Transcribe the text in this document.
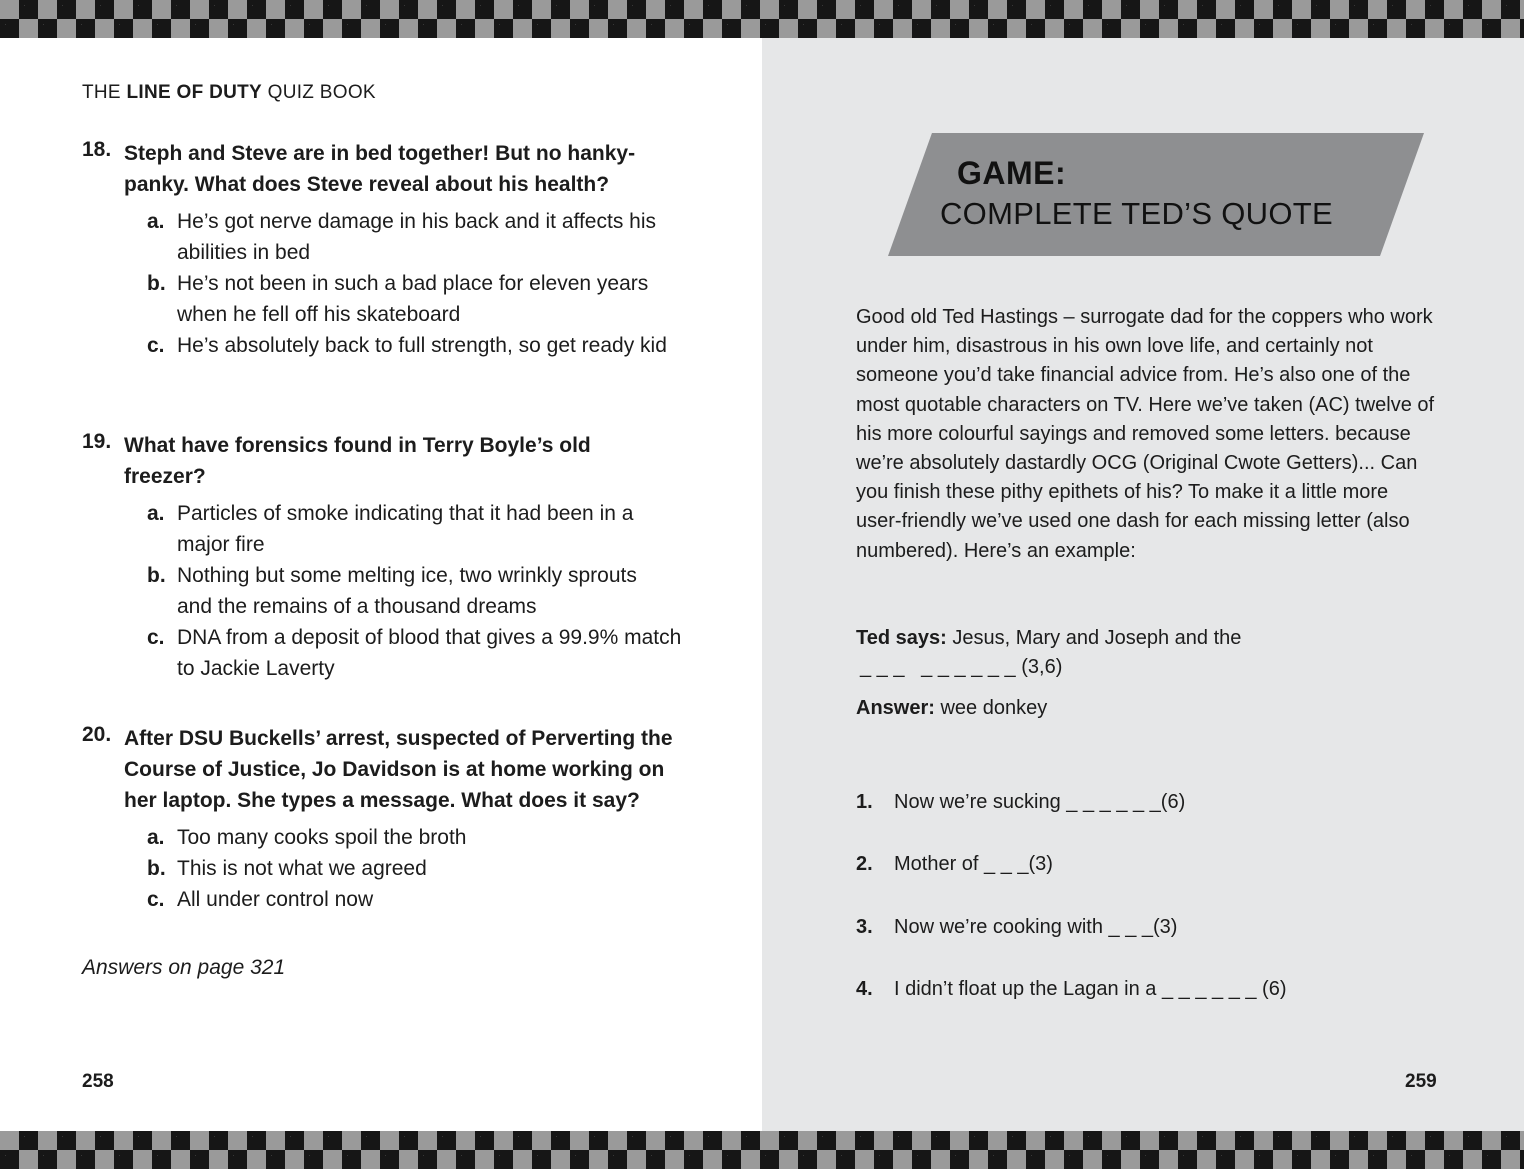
THE LINE OF DUTY QUIZ BOOK
18. Steph and Steve are in bed together! But no hanky-panky. What does Steve reveal about his health?
a. He’s got nerve damage in his back and it affects his abilities in bed
b. He’s not been in such a bad place for eleven years when he fell off his skateboard
c. He’s absolutely back to full strength, so get ready kid
19. What have forensics found in Terry Boyle’s old freezer?
a. Particles of smoke indicating that it had been in a major fire
b. Nothing but some melting ice, two wrinkly sprouts and the remains of a thousand dreams
c. DNA from a deposit of blood that gives a 99.9% match to Jackie Laverty
20. After DSU Buckells’ arrest, suspected of Perverting the Course of Justice, Jo Davidson is at home working on her laptop. She types a message. What does it say?
a. Too many cooks spoil the broth
b. This is not what we agreed
c. All under control now
Answers on page 321
258
GAME:
COMPLETE TED’S QUOTE
Good old Ted Hastings – surrogate dad for the coppers who work under him, disastrous in his own love life, and certainly not someone you’d take financial advice from. He’s also one of the most quotable characters on TV. Here we’ve taken (AC) twelve of his more colourful sayings and removed some letters. because we’re absolutely dastardly OCG (Original Cwote Getters)... Can you finish these pithy epithets of his? To make it a little more user-friendly we’ve used one dash for each missing letter (also numbered). Here’s an example:
Ted says: Jesus, Mary and Joseph and the
_ _ _   _ _ _ _ _ _ (3,6)
Answer: wee donkey
1. Now we’re sucking _ _ _ _ _ _(6)
2. Mother of _ _ _(3)
3. Now we’re cooking with _ _ _(3)
4. I didn’t float up the Lagan in a _ _ _ _ _ _ (6)
259
